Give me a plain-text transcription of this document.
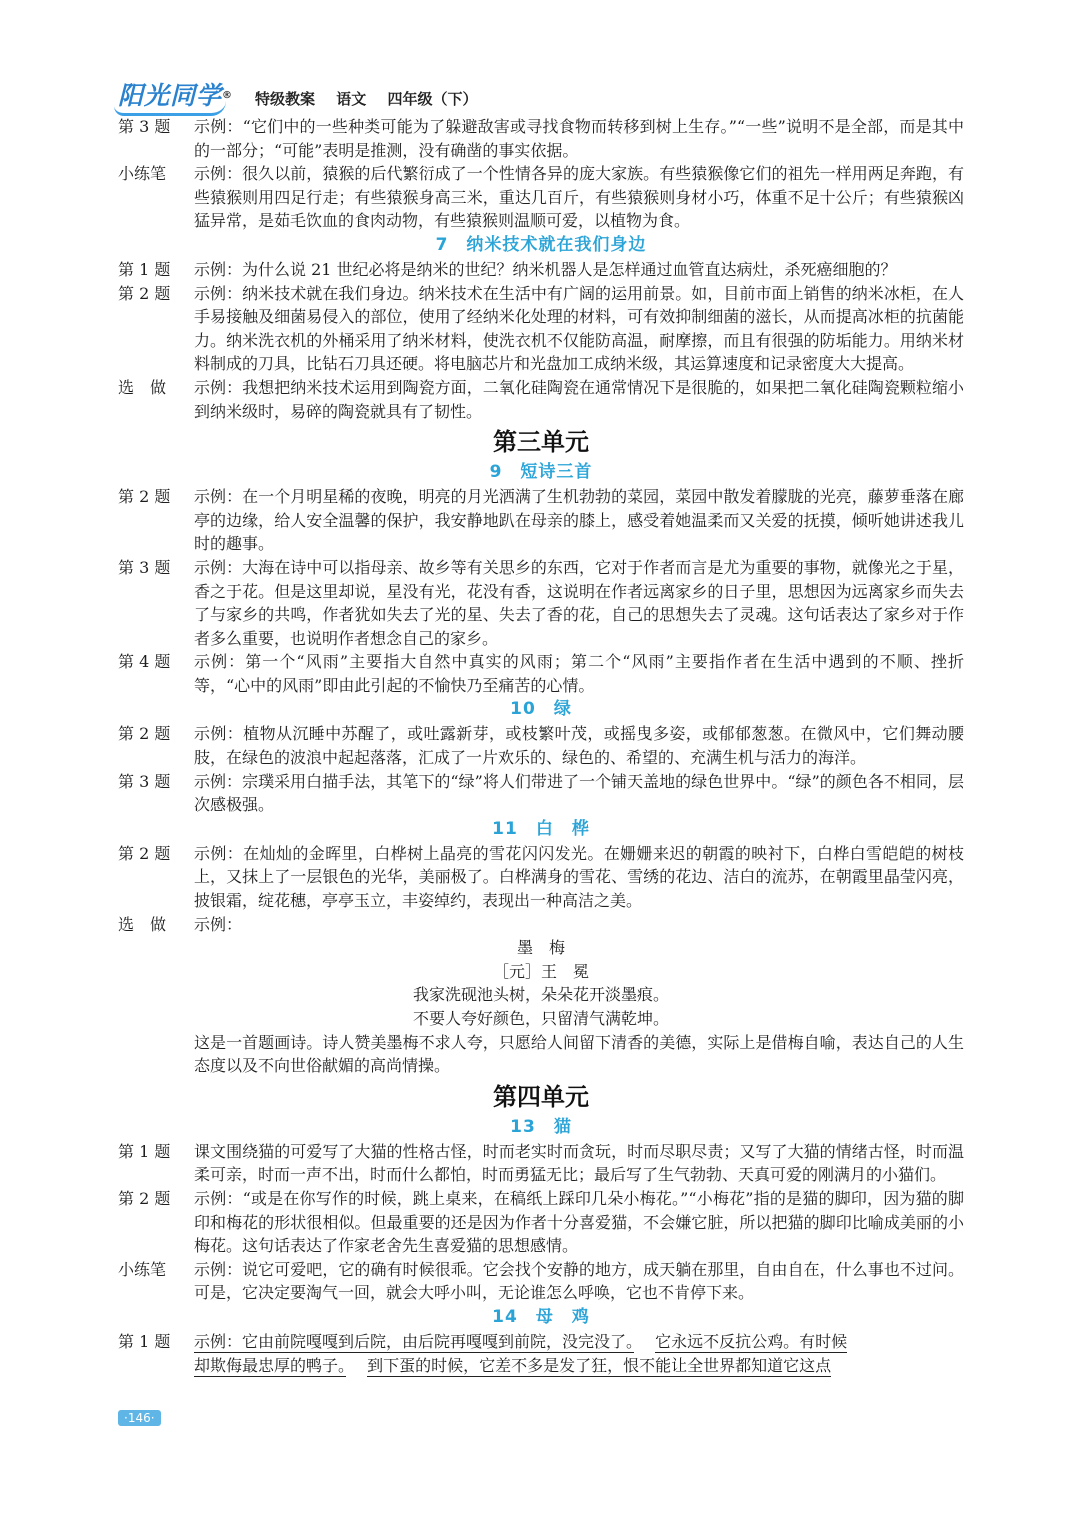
阳光同学® 特级教案 语文 四年级（下）
第 3 题	示例：“它们中的一些种类可能为了躲避敌害或寻找食物而转移到树上生存。”“一些”说明不是全部，而是其中的一部分；“可能”表明是推测，没有确凿的事实依据。
小练笔	示例：很久以前，猿猴的后代繁衍成了一个性情各异的庞大家族。有些猿猴像它们的祖先一样用两足奔跑，有些猿猴则用四足行走；有些猿猴身高三米，重达几百斤，有些猿猴则身材小巧，体重不足十公斤；有些猿猴凶猛异常，是茹毛饮血的食肉动物，有些猿猴则温顺可爱，以植物为食。
7　纳米技术就在我们身边
第 1 题	示例：为什么说 21 世纪必将是纳米的世纪？纳米机器人是怎样通过血管直达病灶，杀死癌细胞的？
第 2 题	示例：纳米技术就在我们身边。纳米技术在生活中有广阔的运用前景。如，目前市面上销售的纳米冰柜，在人手易接触及细菌易侵入的部位，使用了经纳米化处理的材料，可有效抑制细菌的滋长，从而提高冰柜的抗菌能力。纳米洗衣机的外桶采用了纳米材料，使洗衣机不仅能防高温，耐摩擦，而且有很强的防垢能力。用纳米材料制成的刀具，比钻石刀具还硬。将电脑芯片和光盘加工成纳米级，其运算速度和记录密度大大提高。
选　做	示例：我想把纳米技术运用到陶瓷方面，二氧化硅陶瓷在通常情况下是很脆的，如果把二氧化硅陶瓷颗粒缩小到纳米级时，易碎的陶瓷就具有了韧性。
第三单元
9　短诗三首
第 2 题	示例：在一个月明星稀的夜晚，明亮的月光洒满了生机勃勃的菜园，菜园中散发着朦胧的光亮，藤萝垂落在廊亭的边缘，给人安全温馨的保护，我安静地趴在母亲的膝上，感受着她温柔而又关爱的抚摸，倾听她讲述我儿时的趣事。
第 3 题	示例：大海在诗中可以指母亲、故乡等有关思乡的东西，它对于作者而言是尤为重要的事物，就像光之于星，香之于花。但是这里却说，星没有光，花没有香，这说明在作者远离家乡的日子里，思想因为远离家乡而失去了与家乡的共鸣，作者犹如失去了光的星、失去了香的花，自己的思想失去了灵魂。这句话表达了家乡对于作者多么重要，也说明作者想念自己的家乡。
第 4 题	示例：第一个“风雨”主要指大自然中真实的风雨；第二个“风雨”主要指作者在生活中遇到的不顺、挫折等，“心中的风雨”即由此引起的不愉快乃至痛苦的心情。
10　绿
第 2 题	示例：植物从沉睡中苏醒了，或吐露新芽，或枝繁叶茂，或摇曳多姿，或郁郁葱葱。在微风中，它们舞动腰肢，在绿色的波浪中起起落落，汇成了一片欢乐的、绿色的、希望的、充满生机与活力的海洋。
第 3 题	示例：宗璞采用白描手法，其笔下的“绿”将人们带进了一个铺天盖地的绿色世界中。“绿”的颜色各不相同，层次感极强。
11　白　桦
第 2 题	示例：在灿灿的金晖里，白桦树上晶亮的雪花闪闪发光。在姗姗来迟的朝霞的映衬下，白桦白雪皑皑的树枝上，又抹上了一层银色的光华，美丽极了。白桦满身的雪花、雪绣的花边、洁白的流苏，在朝霞里晶莹闪亮，披银霜，绽花穗，亭亭玉立，丰姿绰约，表现出一种高洁之美。
选　做	示例：
墨　梅
［元］王　冕
我家洗砚池头树，朵朵花开淡墨痕。
不要人夸好颜色，只留清气满乾坤。
这是一首题画诗。诗人赞美墨梅不求人夸，只愿给人间留下清香的美德，实际上是借梅自喻，表达自己的人生态度以及不向世俗献媚的高尚情操。
第四单元
13　猫
第 1 题	课文围绕猫的可爱写了大猫的性格古怪，时而老实时而贪玩，时而尽职尽责；又写了大猫的情绪古怪，时而温柔可亲，时而一声不出，时而什么都怕，时而勇猛无比；最后写了生气勃勃、天真可爱的刚满月的小猫们。
第 2 题	示例：“或是在你写作的时候，跳上桌来，在稿纸上踩印几朵小梅花。”“小梅花”指的是猫的脚印，因为猫的脚印和梅花的形状很相似。但最重要的还是因为作者十分喜爱猫，不会嫌它脏，所以把猫的脚印比喻成美丽的小梅花。这句话表达了作家老舍先生喜爱猫的思想感情。
小练笔	示例：说它可爱吧，它的确有时候很乖。它会找个安静的地方，成天躺在那里，自由自在，什么事也不过问。可是，它决定要淘气一回，就会大呼小叫，无论谁怎么呼唤，它也不肯停下来。
14　母　鸡
第 1 题	示例：它由前院嘎嘎到后院，由后院再嘎嘎到前院，没完没了。　 它永远不反抗公鸡。有时候
却欺侮最忠厚的鸭子。　 到下蛋的时候，它差不多是发了狂，恨不能让全世界都知道它这点
·146·
